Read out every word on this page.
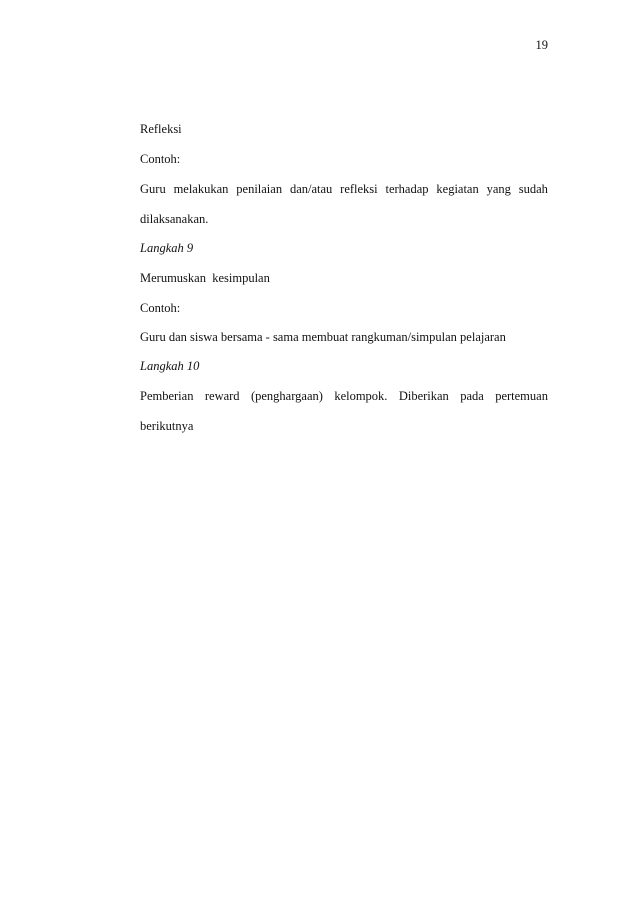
19
Refleksi
Contoh:
Guru melakukan penilaian dan/atau refleksi terhadap kegiatan yang sudah
dilaksanakan.
Langkah 9
Merumuskan  kesimpulan
Contoh:
Guru dan siswa bersama - sama membuat rangkuman/simpulan pelajaran
Langkah 10
Pemberian reward (penghargaan) kelompok. Diberikan pada pertemuan
berikutnya
